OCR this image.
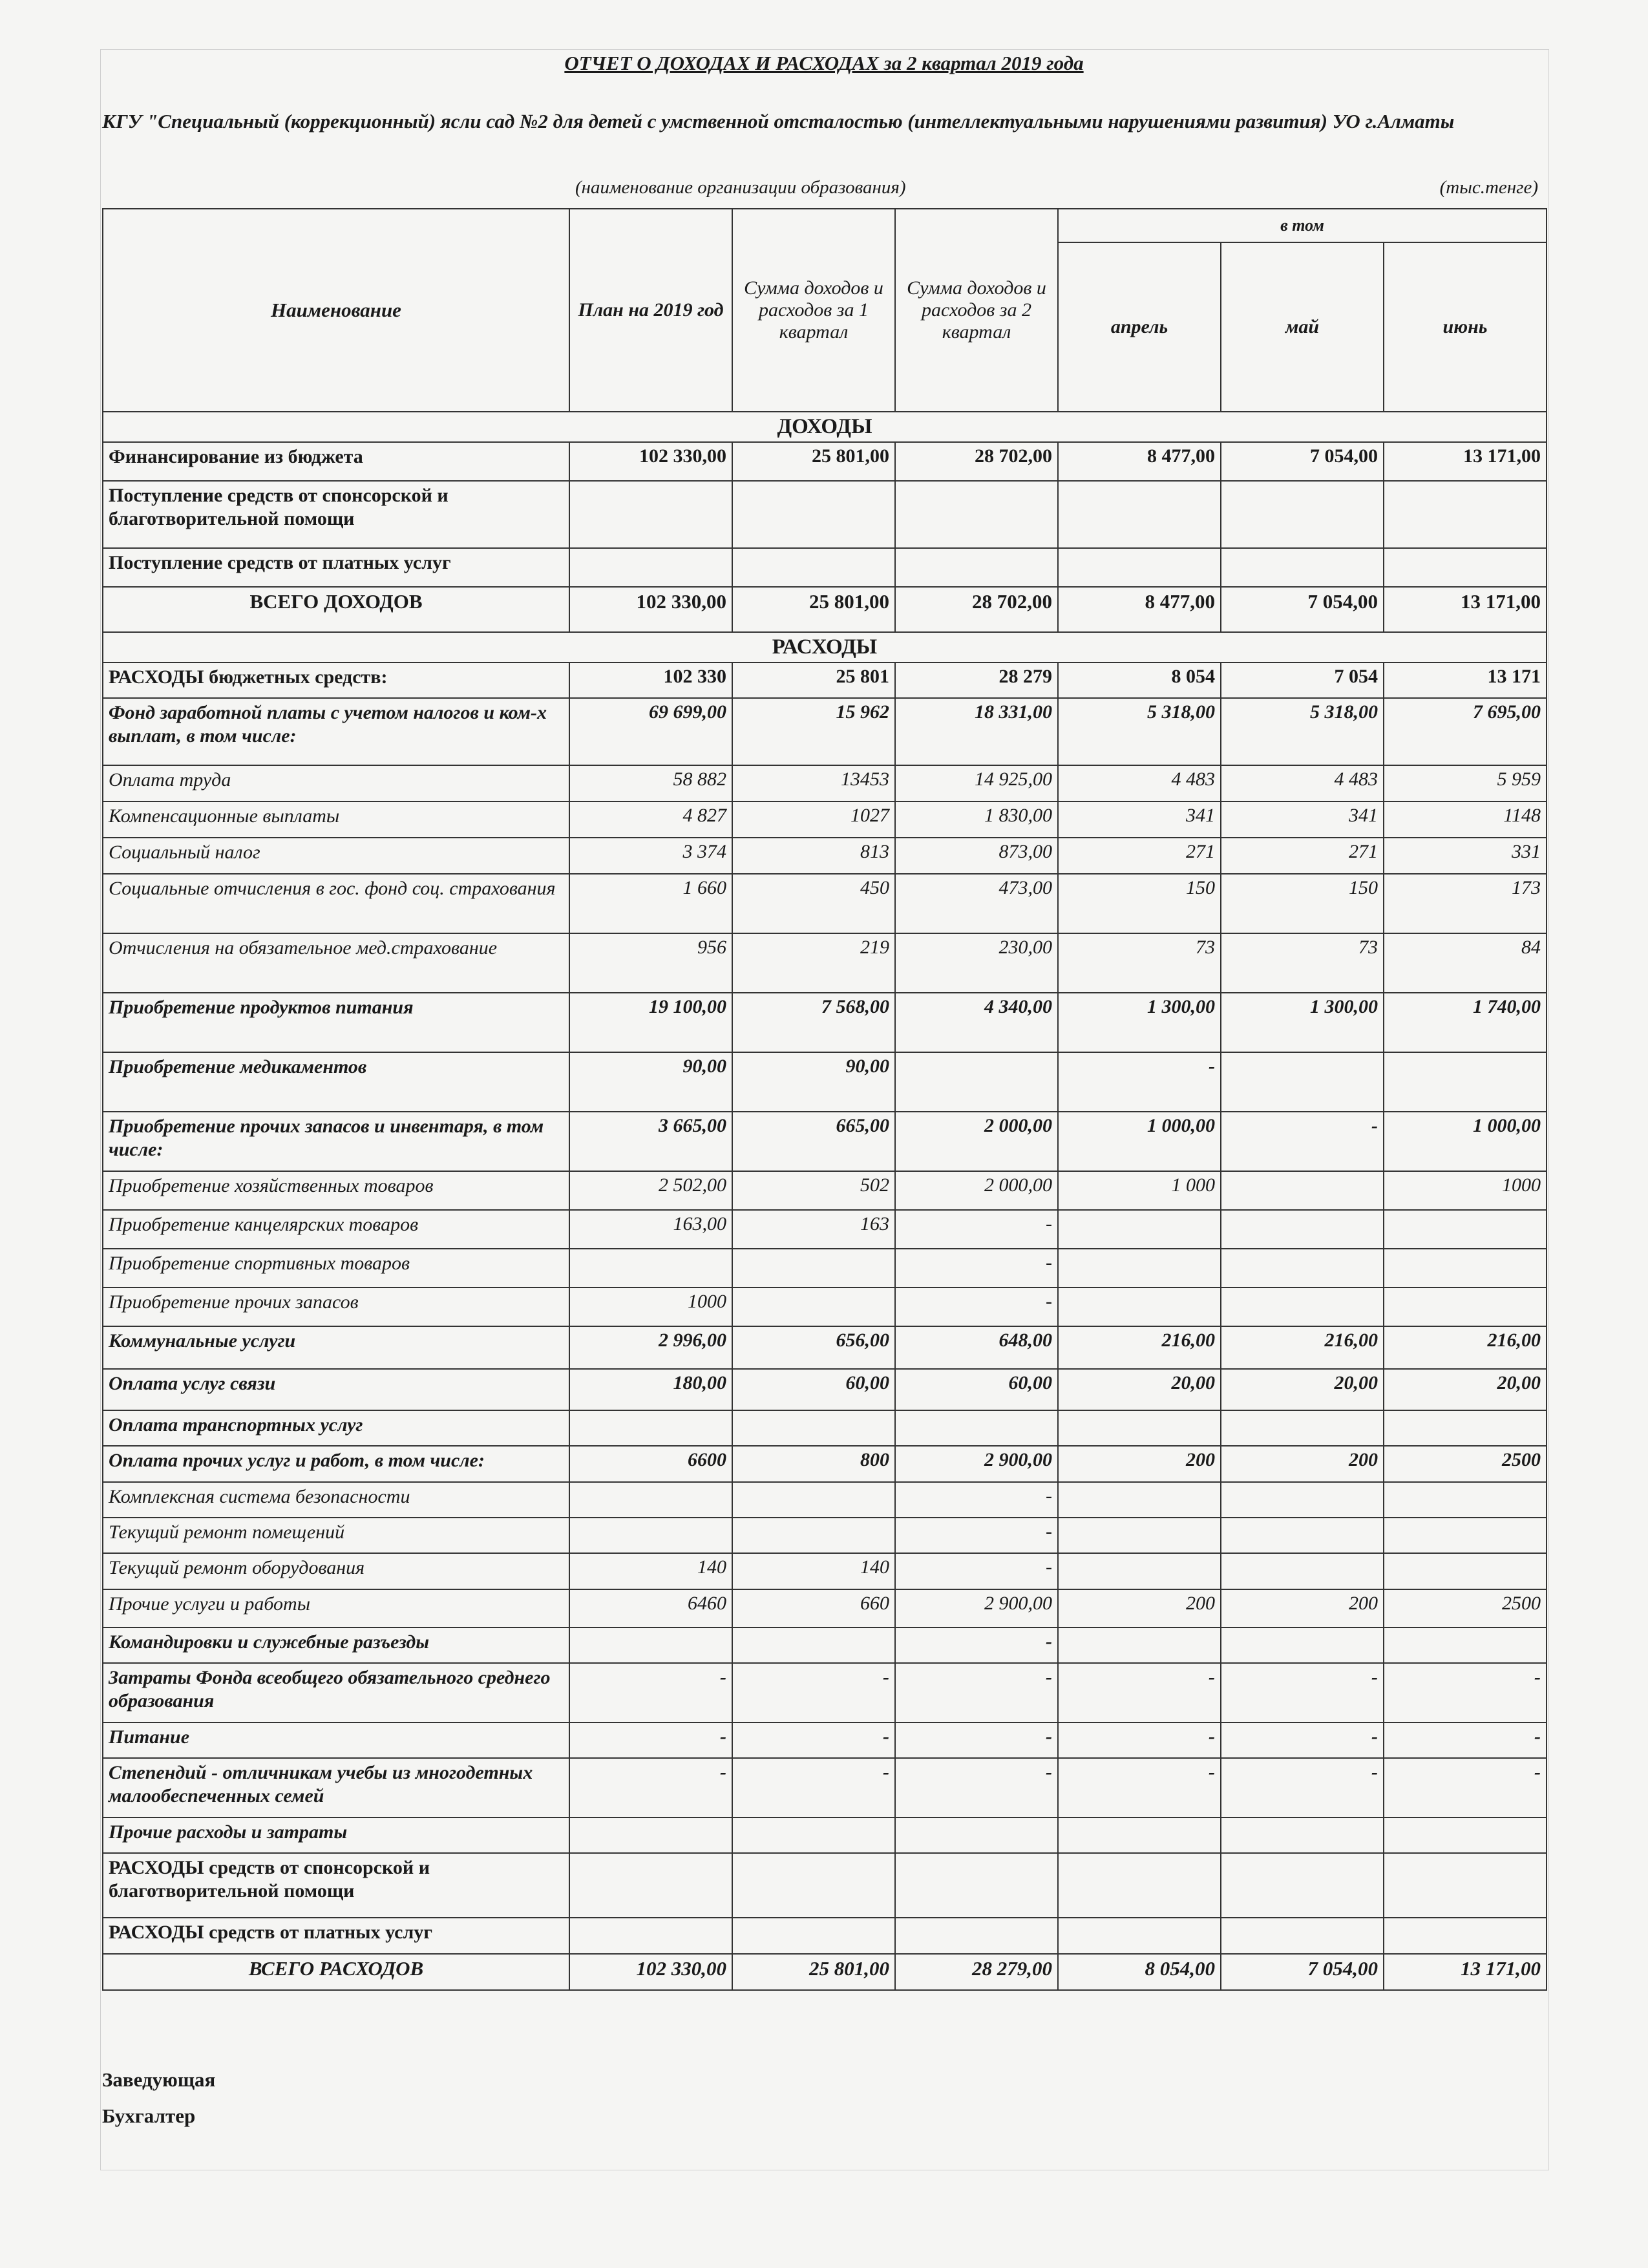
ОТЧЕТ О ДОХОДАХ И РАСХОДАХ за 2 квартал 2019 года
КГУ "Специальный (коррекционный) ясли сад №2 для детей с умственной отсталостью (интеллектуальными нарушениями развития) УО г.Алматы
(наименование организации образования)	(тыс.тенге)
Наименование	План на 2019 год	Сумма доходов и расходов за 1 квартал	Сумма доходов и расходов за 2 квартал	в том		
				апрель	май	июнь
ДОХОДЫ						
Финансирование из бюджета	102 330,00	25 801,00	28 702,00	8 477,00	7 054,00	13 171,00
Поступление средств от спонсорской и благотворительной помощи						
Поступление средств от платных услуг						
ВСЕГО ДОХОДОВ	102 330,00	25 801,00	28 702,00	8 477,00	7 054,00	13 171,00
РАСХОДЫ						
РАСХОДЫ бюджетных средств:	102 330	25 801	28 279	8 054	7 054	13 171
Фонд заработной платы с учетом налогов и ком-х выплат, в том числе:	69 699,00	15 962	18 331,00	5 318,00	5 318,00	7 695,00
Оплата труда	58 882	13453	14 925,00	4 483	4 483	5 959
Компенсационные выплаты	4 827	1027	1 830,00	341	341	1148
Социальный налог	3 374	813	873,00	271	271	331
Социальные отчисления в гос. фонд соц. страхования	1 660	450	473,00	150	150	173
Отчисления на обязательное мед.страхование	956	219	230,00	73	73	84
Приобретение продуктов питания	19 100,00	7 568,00	4 340,00	1 300,00	1 300,00	1 740,00
Приобретение медикаментов	90,00	90,00		-		
Приобретение прочих запасов и инвентаря, в том числе:	3 665,00	665,00	2 000,00	1 000,00	-	1 000,00
Приобретение хозяйственных товаров	2 502,00	502	2 000,00	1 000		1000
Приобретение канцелярских товаров	163,00	163	-			
Приобретение спортивных товаров			-			
Приобретение прочих запасов	1000		-			
Коммунальные услуги	2 996,00	656,00	648,00	216,00	216,00	216,00
Оплата услуг связи	180,00	60,00	60,00	20,00	20,00	20,00
Оплата транспортных услуг						
Оплата прочих услуг и работ, в том числе:	6600	800	2 900,00	200	200	2500
Комплексная система безопасности			-			
Текущий ремонт помещений			-			
Текущий ремонт оборудования	140	140	-			
Прочие услуги и работы	6460	660	2 900,00	200	200	2500
Командировки и служебные разъезды			-			
Затраты Фонда всеобщего обязательного среднего образования	-	-	-	-	-	-
Питание	-	-	-	-	-	-
Степендий - отличникам учебы из многодетных малообеспеченных семей	-	-	-	-	-	-
Прочие расходы и затраты						
РАСХОДЫ средств от спонсорской и благотворительной помощи						
РАСХОДЫ средств от платных услуг						
ВСЕГО РАСХОДОВ	102 330,00	25 801,00	28 279,00	8 054,00	7 054,00	13 171,00
Заведующая
Бухгалтер
